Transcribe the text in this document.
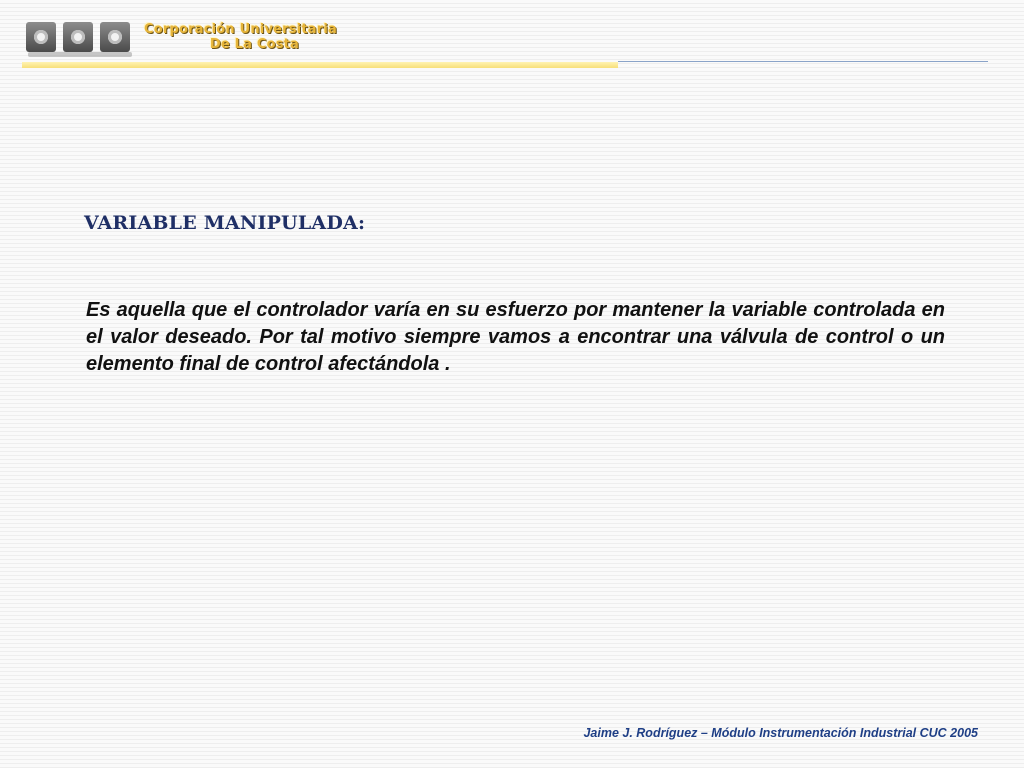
Corporación Universitaria
De La Costa
VARIABLE MANIPULADA:

Es aquella que el controlador varía en su esfuerzo por mantener la variable controlada en el valor deseado. Por tal motivo siempre vamos a encontrar una válvula de control o un elemento final de control afectándola .

Jaime J. Rodríguez – Módulo Instrumentación Industrial CUC 2005
